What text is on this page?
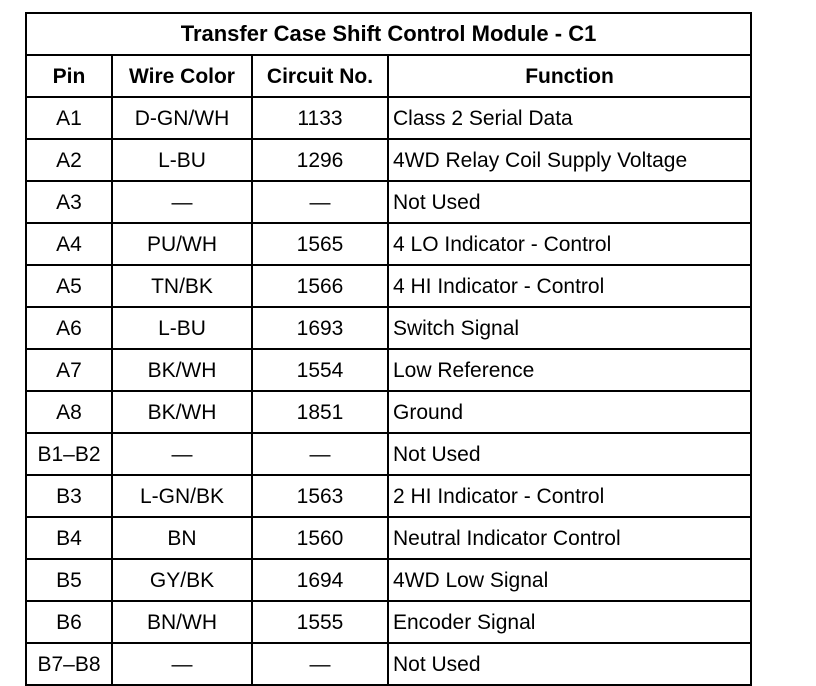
Transfer Case Shift Control Module - C1			
Pin	Wire Color	Circuit No.	Function
A1	D-GN/WH	1133	Class 2 Serial Data
A2	L-BU	1296	4WD Relay Coil Supply Voltage
A3	—	—	Not Used
A4	PU/WH	1565	4 LO Indicator - Control
A5	TN/BK	1566	4 HI Indicator - Control
A6	L-BU	1693	Switch Signal
A7	BK/WH	1554	Low Reference
A8	BK/WH	1851	Ground
B1–B2	—	—	Not Used
B3	L-GN/BK	1563	2 HI Indicator - Control
B4	BN	1560	Neutral Indicator Control
B5	GY/BK	1694	4WD Low Signal
B6	BN/WH	1555	Encoder Signal
B7–B8	—	—	Not Used
